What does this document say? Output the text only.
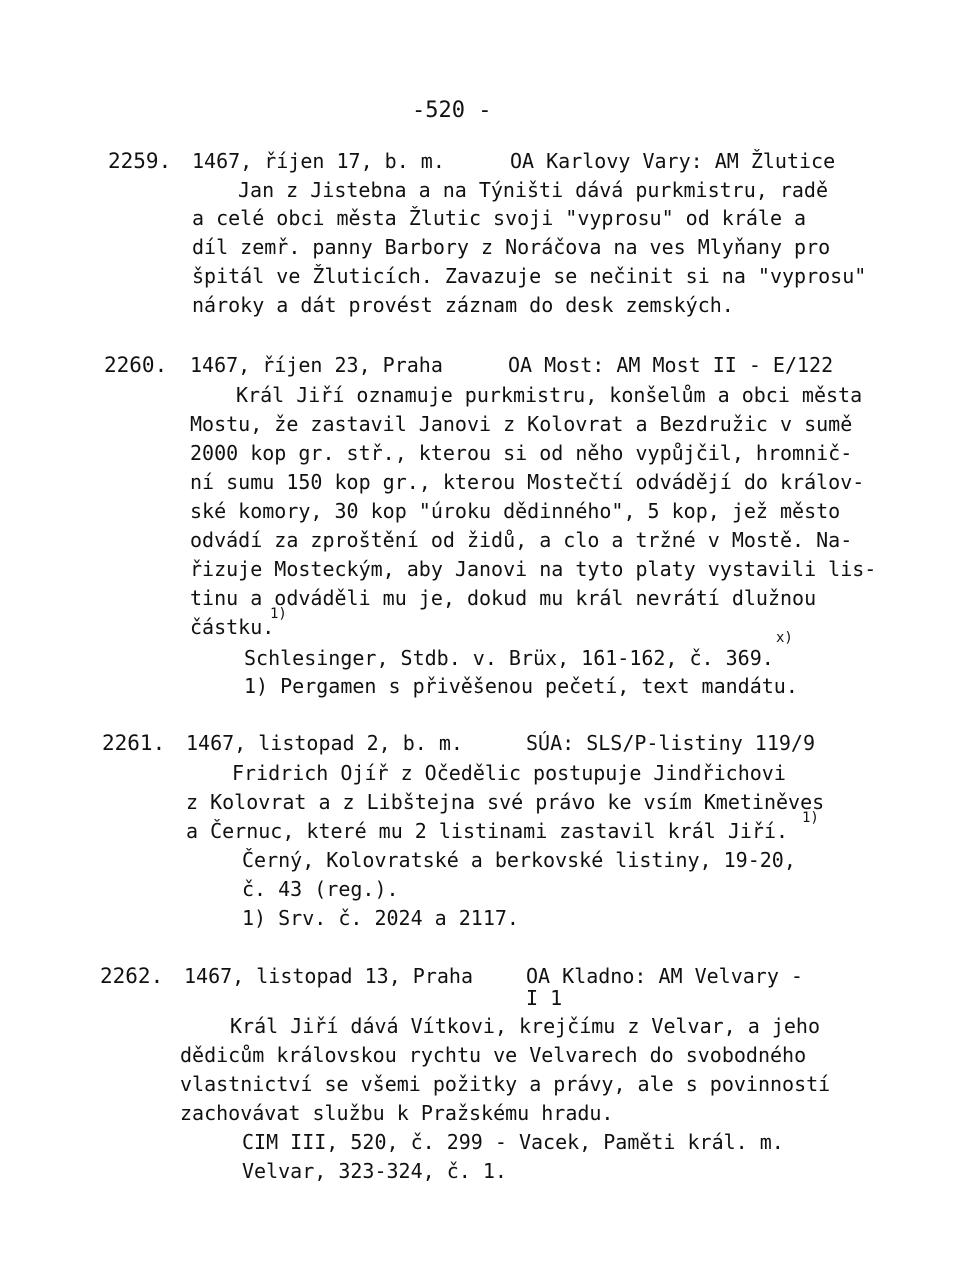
-520 -
2259. 1467, říjen 17, b. m.	OA Karlovy Vary: AM Žlutice
Jan z Jistebna a na Týništi dává purkmistru, radě
a celé obci města Žlutic svoji "vyprosu" od krále a
díl zemř. panny Barbory z Noráčova na ves Mlyňany pro
špitál ve Žluticích. Zavazuje se nečinit si na "vyprosu"
nároky a dát provést záznam do desk zemských.
2260. 1467, říjen 23, Praha	OA Most: AM Most II - E/122
Král Jiří oznamuje purkmistru, konšelům a obci města
Mostu, že zastavil Janovi z Kolovrat a Bezdružic v sumě
2000 kop gr. stř., kterou si od něho vypůjčil, hromnič-
ní sumu 150 kop gr., kterou Mostečtí odvádějí do králov-
ské komory, 30 kop "úroku dědinného", 5 kop, jež město
odvádí za zproštění od židů, a clo a tržné v Mostě. Na-
řizuje Mosteckým, aby Janovi na tyto platy vystavili lis-
tinu a odváděli mu je, dokud mu král nevrátí dlužnou
částku.
1)
x)
Schlesinger, Stdb. v. Brüx, 161-162, č. 369.
1) Pergamen s přivěšenou pečetí, text mandátu.
2261. 1467, listopad 2, b. m.	SÚA: SLS/P-listiny 119/9
Fridrich Ojíř z Očedělic postupuje Jindřichovi
z Kolovrat a z Libštejna své právo ke vsím Kmetiněves
a Černuc, které mu 2 listinami zastavil král Jiří.
1)
Černý, Kolovratské a berkovské listiny, 19-20,
č. 43 (reg.).
1) Srv. č. 2024 a 2117.
2262. 1467, listopad 13, Praha	OA Kladno: AM Velvary -
I 1
Král Jiří dává Vítkovi, krejčímu z Velvar, a jeho
dědicům královskou rychtu ve Velvarech do svobodného
vlastnictví se všemi požitky a právy, ale s povinností
zachovávat službu k Pražskému hradu.
CIM III, 520, č. 299 - Vacek, Paměti král. m.
Velvar, 323-324, č. 1.
